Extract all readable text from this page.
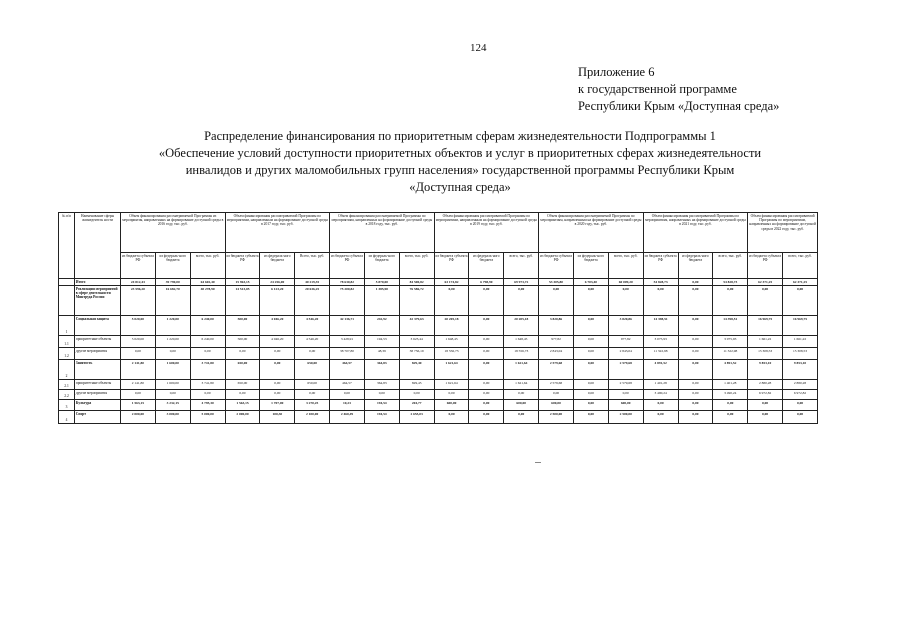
124
Приложение 6
к государственной программе
Республики Крым «Доступная среда»
Распределение финансирования по приоритетным сферам жизнедеятельности Подпрограммы 1
«Обеспечение условий доступности приоритетных объектов и услуг в приоритетных сферах жизнедеятельности
инвалидов и других маломобильных групп населения» государственной программы Республики Крым
«Доступная среда»
№ п/п	Наименование сферы жизнедеятель ности	Объем финансирования рассматриваемой Программы из мероприятия, направленных на формирование доступной среды в 2016 году, тыс. руб.			Объем финансирования рассматриваемой Программы по мероприятиям, направленным на формирование доступной среды в 2017 году, тыс. руб.			Объем финансирования рассматриваемой Программы по мероприятиям, направленных на формирование доступной среды в 2018 году, тыс. руб.			Объем финансирования рассматриваемой Программы по мероприятиям, направленным на формирование доступной среды в 2019 году, тыс. руб.			Объем финансирования рассматриваемой Программы по мероприятиям, направленным на формирование доступной среды в 2020 году, тыс. руб.			Объем финансирования рассматриваемой Программы по мероприятиям, направленных на формирование доступной среды в 2021 году, тыс. руб.			Объем финансирования рассматриваемой Программы по мероприятиям, направленных на формирование доступной среды в 2022 году, тыс. руб.	
		из бюджета субъекта РФ	из федераль-ного бюджета	всего, тыс. руб.	из бюджета субъекта РФ	из федераль-ного бюджета	Всего, тыс. руб.	из бюджета субъекта РФ	из федераль-ного бюджета	всего, тыс. руб.	из бюджета субъекта РФ	из федераль-ного бюджета	всего, тыс. руб.	из бюджета субъекта РФ	из федераль-ного бюджета	всего, тыс. руб.	из бюджета субъекта РФ	из федераль-ного бюджета	всего, тыс. руб.	из бюджета субъекта РФ	всего, тыс. руб.
	Итого	24 812,43	39 790,00	64 602,40	15 963,15	24 256,00	40 219,35	78 630,82	5 870,00	84 500,82	63 174,82	6 798,90	69 973,72	53 305,80	6 703,40	60 009,20	54 828,73	0,00	54 828,73	62 371,25	62 371,25
	Реализация мероприятий в сфере деятельности Минтруда России	23 596,20	16 682,70	40 278,90	14 513,05	6 123,20	20 636,25	75 200,82	1 385,90	76 586,72	0,00	0,00	0,00	0,00	0,00	0,00	0,00	0,00	0,00	0,00	0,00
1	Социальная защита	5 020,00	1 220,00	6 240,00	500,00	4 046,20	4 546,20	42 136,71	242,92	42 379,63	20 205,18	0,00	20 205,18	3 820,86	0,00	3 820,86	14 398,51	0,00	14 398,51	16 969,75	16 969,75
1.1	приоритетные объекты	5 020,00	1 220,00	6 240,00	500,00	4 046,20	4 546,20	3 428,91	194,53	3 623,44	1 648,45	0,00	1 648,45	977,82	0,00	977,82	3 075,93	0,00	3 075,93	1 661,22	1 661,22
1.2	другие мероприятия	0,00	0,00	0,00	0,00	0,00	0,00	38 707,80	48,39	38 756,19	18 556,73	0,00	18 556,73	2 843,04	0,00	2 843,04	11 322,98	0,00	11 322,98	15 308,53	15 308,53
2	Занятость	2 141,80	1 600,00	3 741,80	650,00	0,00	650,00	464,57	364,83	829,40	1 621,64	0,00	1 621,64	2 579,68	0,00	2 579,68	4 891,52	0,00	4 891,52	9 853,10	9 853,10
2.1	приоритетные объекты	2 141,80	1 600,00	3 741,80	650,00	0,00	650,00	464,57	364,83	829,45	1 621,64	0,00	1 621,64	2 579,68	0,00	2 579,68	1 401,28	0,00	1 401,28	2 880,28	2 880,28
2.2	другие мероприятия	0,00	0,00	0,00	0,00	0,00	0,00	0,00	0,00	0,00	0,00	0,00	0,00	0,00	0,00	0,00	3 490,24	0,00	3 490,24	6 972,82	6 972,82
3	Культура	1 563,15	3 232,15	4 795,30	1 563,15	1 707,00	3 270,25	10,23	194,54	204,77	600,00	0,00	600,00	600,00	0,00	600,00	0,00	0,00	0,00	0,00	0,00
4	Спорт	2 000,00	3 000,00	5 000,00	2 000,00	100,30	2 100,00	2 460,49	194,54	2 655,03	0,00	0,00	0,00	2 500,00	0,00	2 500,00	0,00	0,00	0,00	0,00	0,00
